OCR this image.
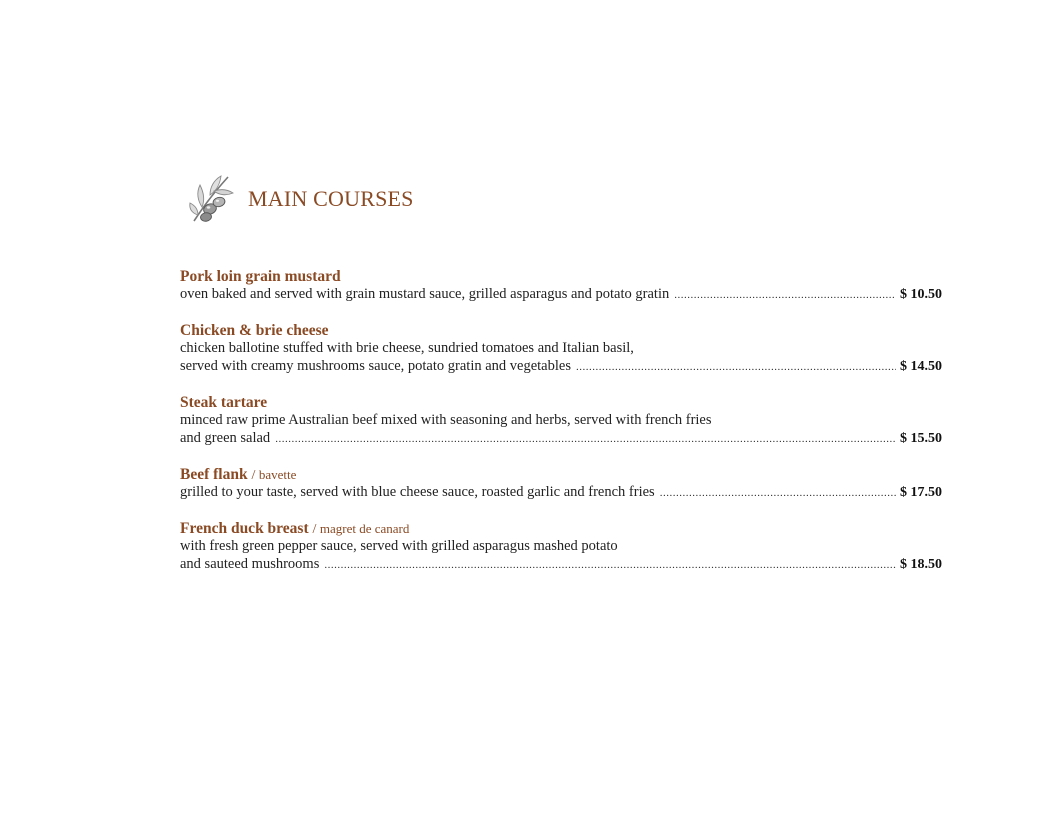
MAIN COURSES
Pork loin grain mustard
oven baked and served with grain mustard sauce, grilled asparagus and potato gratin .....	$ 10.50
Chicken & brie cheese
chicken ballotine stuffed with brie cheese, sundried tomatoes and Italian basil,
served with creamy mushrooms sauce, potato gratin and vegetables .....	$ 14.50
Steak tartare
minced raw prime Australian beef mixed with seasoning and herbs, served with french fries
and green salad .....	$ 15.50
Beef flank / bavette
grilled to your taste, served with blue cheese sauce, roasted garlic and french fries .....	$ 17.50
French duck breast / magret de canard
with fresh green pepper sauce, served with grilled asparagus mashed potato
and sauteed mushrooms .....	$ 18.50
